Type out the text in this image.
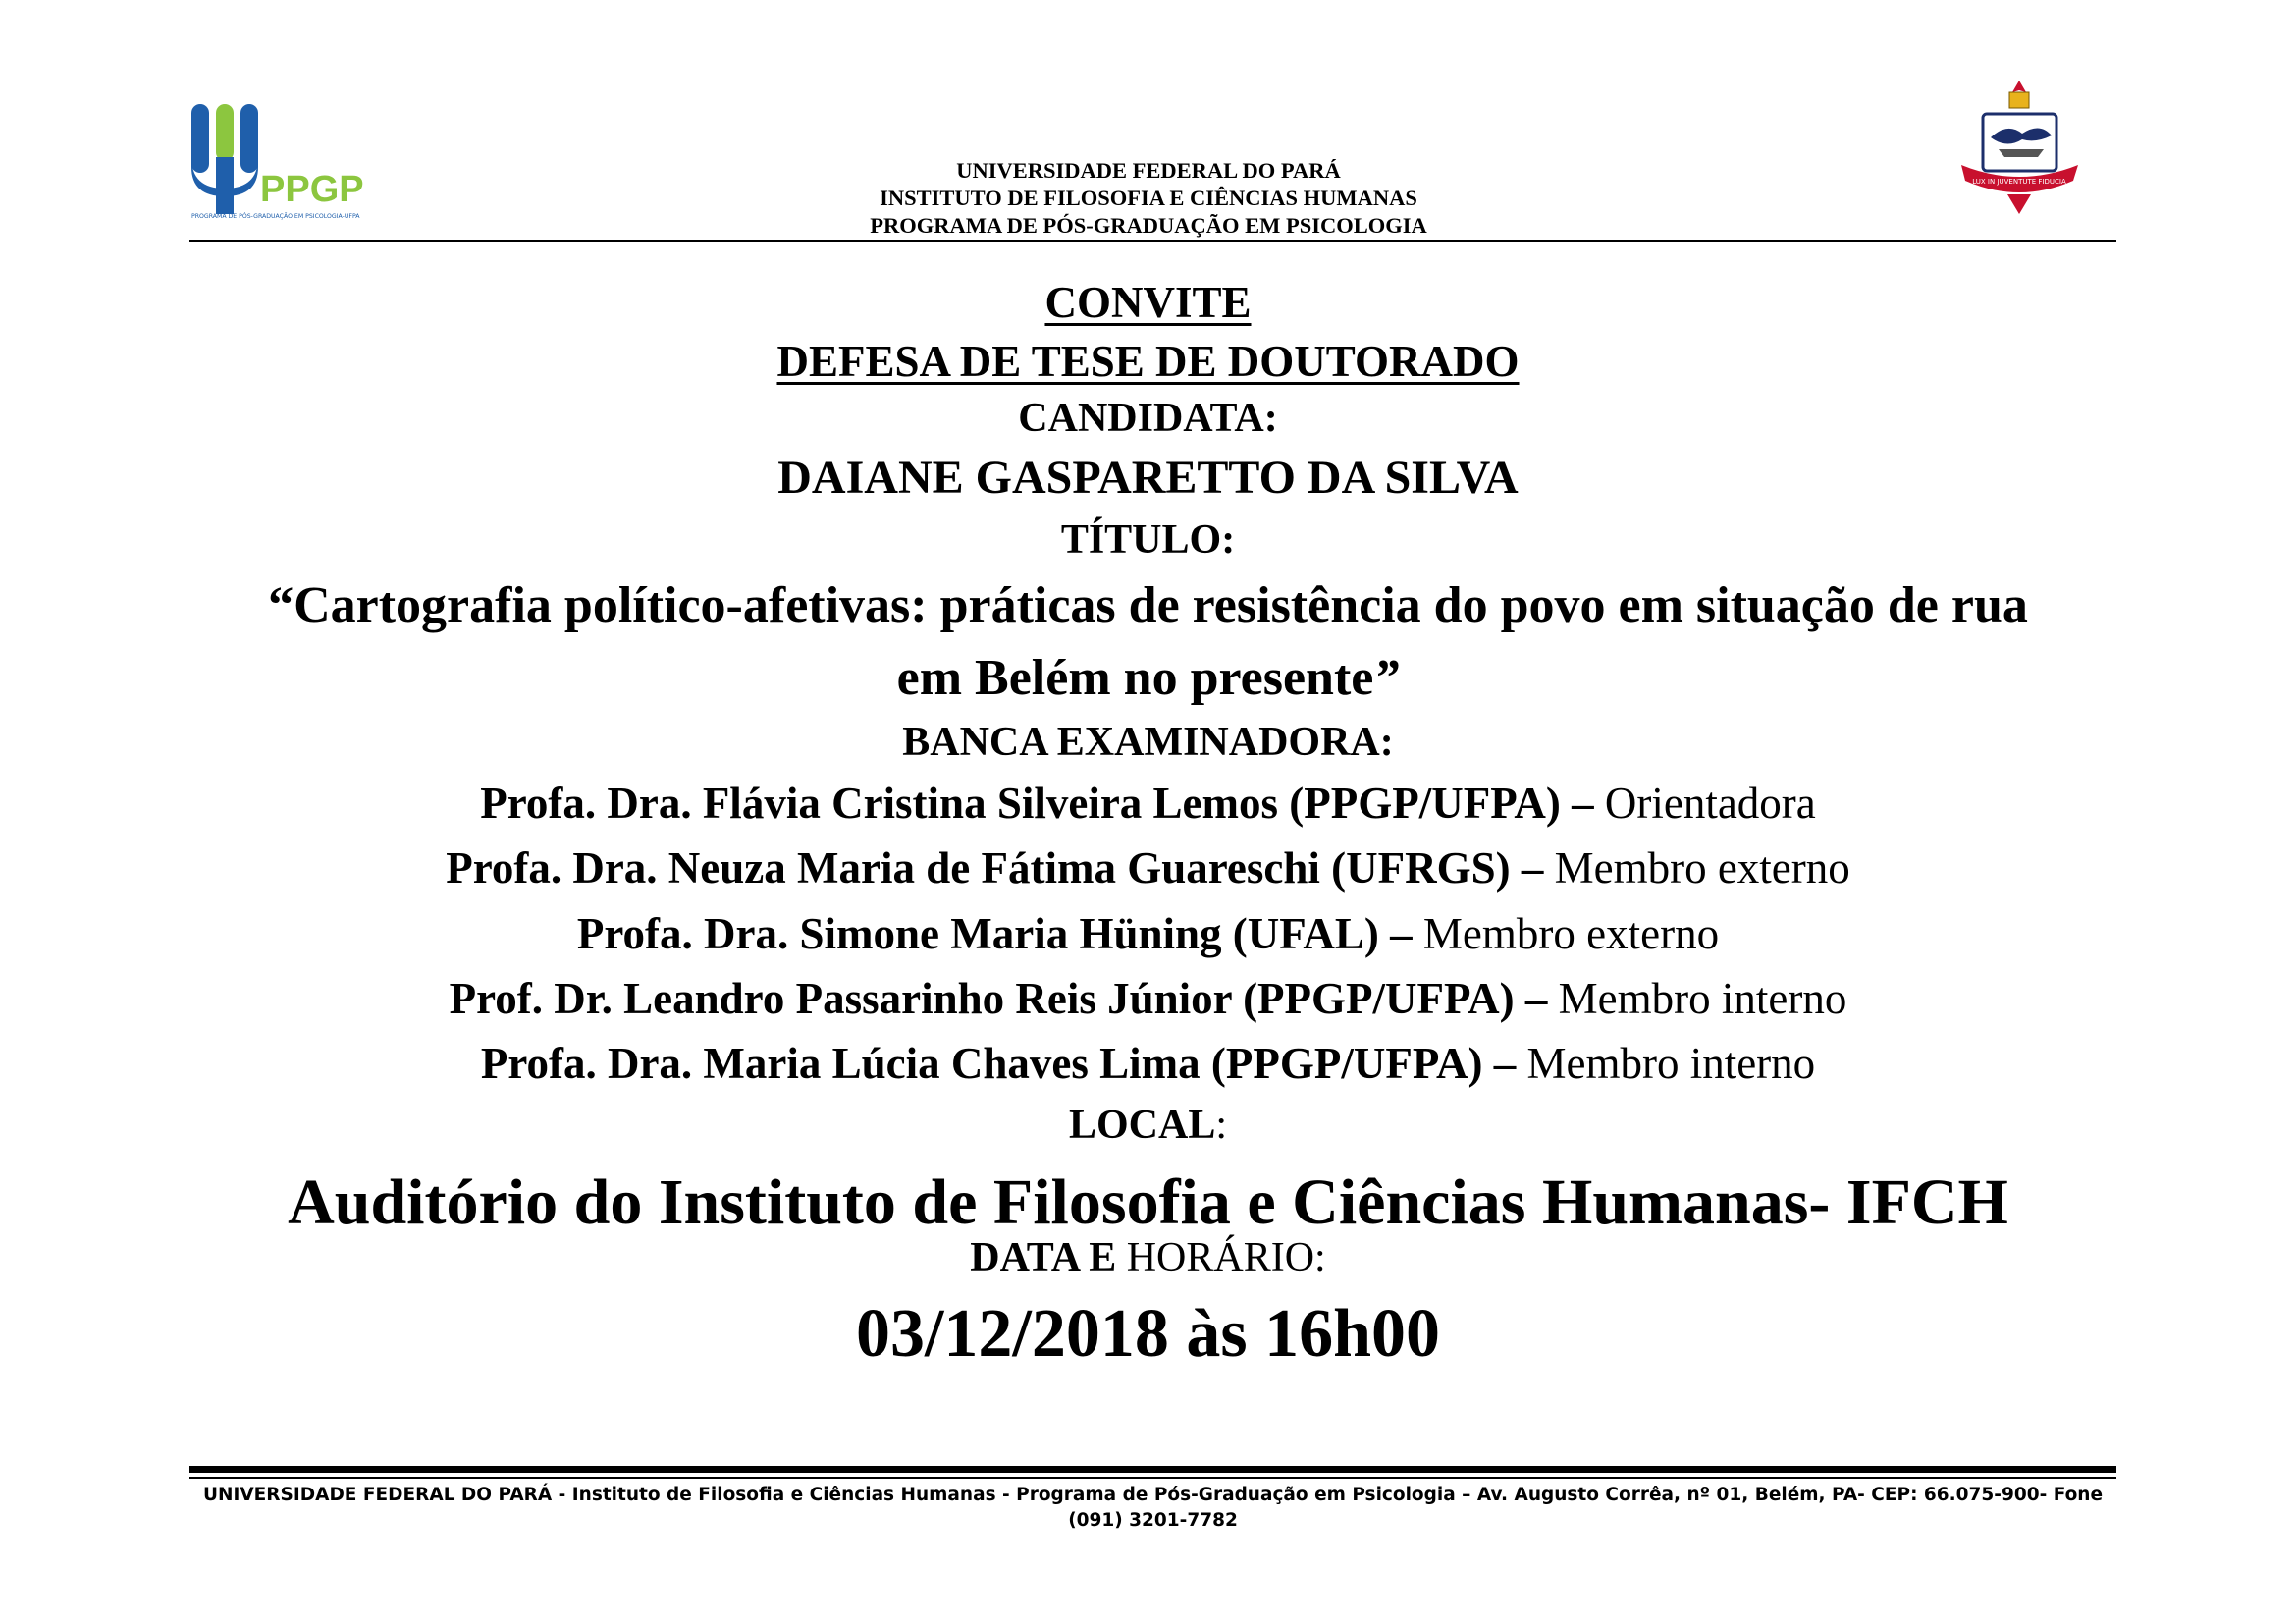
PPGP
PROGRAMA DE PÓS-GRADUAÇÃO EM PSICOLOGIA-UFPA
LUX IN JUVENTUTE FIDUCIA
UNIVERSIDADE FEDERAL DO PARÁ
INSTITUTO DE FILOSOFIA E CIÊNCIAS HUMANAS
PROGRAMA DE PÓS-GRADUAÇÃO EM PSICOLOGIA
CONVITE
DEFESA DE TESE DE DOUTORADO
CANDIDATA:
DAIANE GASPARETTO DA SILVA
TÍTULO:
“Cartografia político-afetivas: práticas de resistência do povo em situação de rua
em Belém no presente”
BANCA EXAMINADORA:
Profa. Dra. Flávia Cristina Silveira Lemos (PPGP/UFPA) – Orientadora
Profa. Dra. Neuza Maria de Fátima Guareschi (UFRGS) – Membro externo
Profa. Dra. Simone Maria Hüning (UFAL) – Membro externo
Prof. Dr. Leandro Passarinho Reis Júnior (PPGP/UFPA) – Membro interno
Profa. Dra. Maria Lúcia Chaves Lima (PPGP/UFPA) – Membro interno
LOCAL:
Auditório do Instituto de Filosofia e Ciências Humanas- IFCH
DATA E HORÁRIO:
03/12/2018 às 16h00
UNIVERSIDADE FEDERAL DO PARÁ - Instituto de Filosofia e Ciências Humanas - Programa de Pós-Graduação em Psicologia – Av. Augusto Corrêa, nº 01, Belém, PA- CEP: 66.075-900- Fone
(091) 3201-7782
